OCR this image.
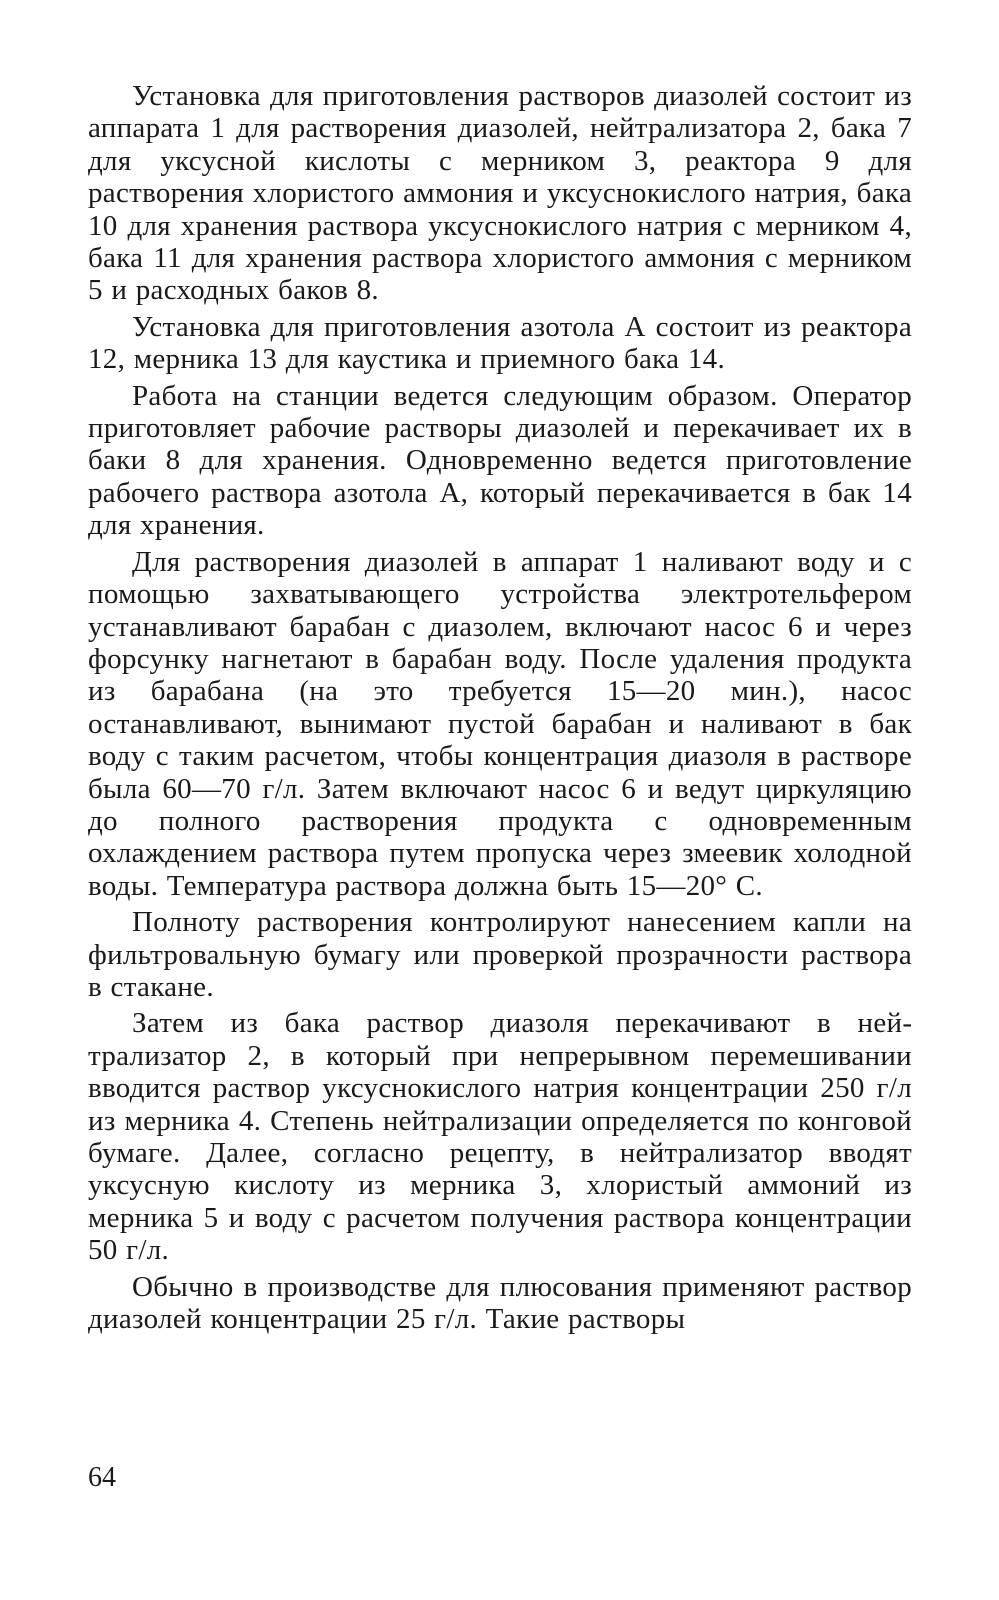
Установка для приготовления растворов диазолей состоит из аппарата 1 для растворения диазолей, нейтрализатора 2, бака 7 для уксусной кислоты с мерником 3, реактора 9 для растворения хлористого аммония и уксуснокислого натрия, бака 10 для хранения раствора уксуснокислого натрия с мерником 4, бака 11 для хранения раствора хлористого аммония с мерником 5 и расходных баков 8.

Установка для приготовления азотола А состоит из реактора 12, мерника 13 для каустика и приемного бака 14.

Работа на станции ведется следующим образом. Оператор приготовляет рабочие растворы диазолей и перекачивает их в баки 8 для хранения. Одновременно ведется приготовление рабочего раствора азотола А, который перекачивается в бак 14 для хранения.

Для растворения диазолей в аппарат 1 наливают воду и с помощью захватывающего устройства электротельфером устанавливают барабан с диазолем, включают насос 6 и через форсунку нагнетают в барабан воду. После удаления продукта из барабана (на это требуется 15—20 мин.), насос останавливают, вынимают пустой барабан и наливают в бак воду с таким расчетом, чтобы концентрация диазоля в растворе была 60—70 г/л. Затем включают насос 6 и ведут циркуляцию до полного растворения продукта с одновременным охлаждением раствора путем пропуска через змеевик холодной воды. Температура раствора должна быть 15—20° С.

Полноту растворения контролируют нанесением капли на фильтровальную бумагу или проверкой прозрачности раствора в стакане.

Затем из бака раствор диазоля перекачивают в нейтрализатор 2, в который при непрерывном перемешивании вводится раствор уксуснокислого натрия концентрации 250 г/л из мерника 4. Степень нейтрализации определяется по конговой бумаге. Далее, согласно рецепту, в нейтрализатор вводят уксусную кислоту из мерника 3, хлористый аммоний из мерника 5 и воду с расчетом получения раствора концентрации 50 г/л.

Обычно в производстве для плюсования применяют раствор диазолей концентрации 25 г/л. Такие растворы

64
